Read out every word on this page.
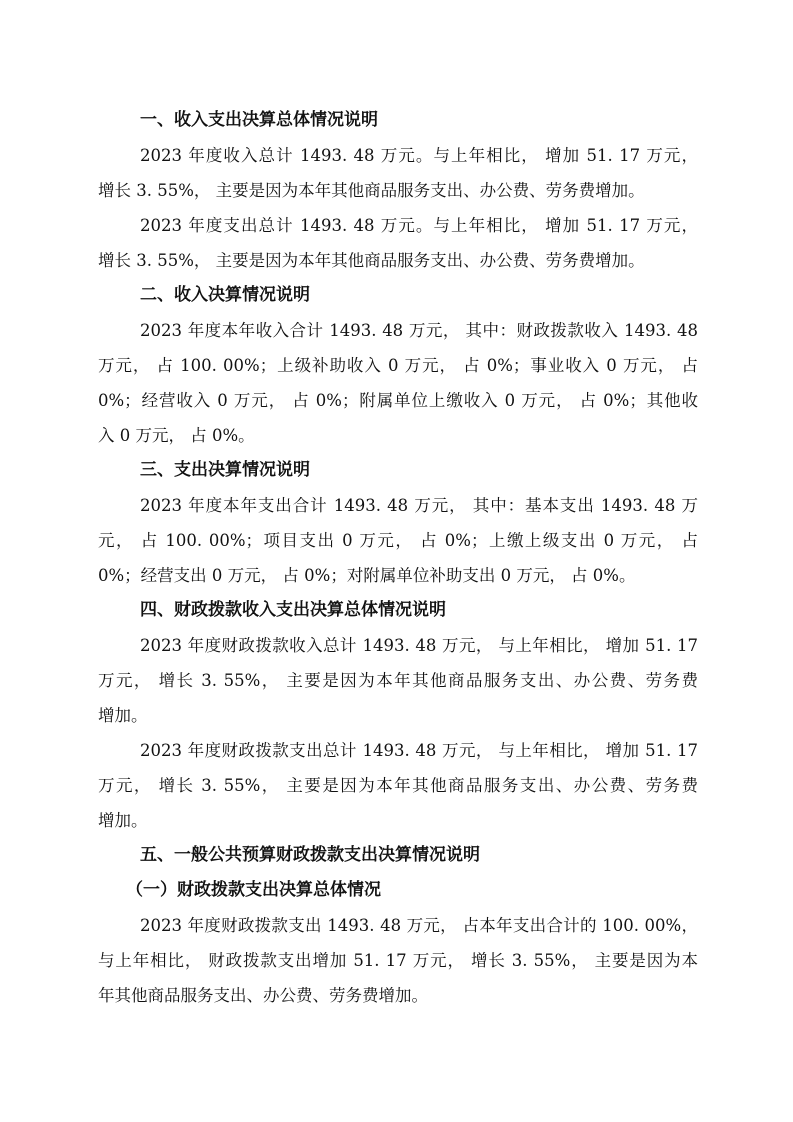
一、收入支出决算总体情况说明
2023 年度收入总计 1493. 48 万元。与上年相比， 增加 51. 17 万元，
增长 3. 55%， 主要是因为本年其他商品服务支出、办公费、劳务费增加。
2023 年度支出总计 1493. 48 万元。与上年相比， 增加 51. 17 万元，
增长 3. 55%， 主要是因为本年其他商品服务支出、办公费、劳务费增加。
二、收入决算情况说明
2023 年度本年收入合计 1493. 48 万元， 其中：财政拨款收入 1493. 48
万元， 占 100. 00%；上级补助收入 0 万元， 占 0%；事业收入 0 万元， 占
0%；经营收入 0 万元， 占 0%；附属单位上缴收入 0 万元， 占 0%；其他收
入 0 万元， 占 0%。
三、支出决算情况说明
2023 年度本年支出合计 1493. 48 万元， 其中：基本支出 1493. 48 万
元， 占 100. 00%；项目支出 0 万元， 占 0%；上缴上级支出 0 万元， 占
0%；经营支出 0 万元， 占 0%；对附属单位补助支出 0 万元， 占 0%。
四、财政拨款收入支出决算总体情况说明
2023 年度财政拨款收入总计 1493. 48 万元， 与上年相比， 增加 51. 17
万元， 增长 3. 55%， 主要是因为本年其他商品服务支出、办公费、劳务费
增加。
2023 年度财政拨款支出总计 1493. 48 万元， 与上年相比， 增加 51. 17
万元， 增长 3. 55%， 主要是因为本年其他商品服务支出、办公费、劳务费
增加。
五、一般公共预算财政拨款支出决算情况说明
（一）财政拨款支出决算总体情况
2023 年度财政拨款支出 1493. 48 万元， 占本年支出合计的 100. 00%，
与上年相比， 财政拨款支出增加 51. 17 万元， 增长 3. 55%， 主要是因为本
年其他商品服务支出、办公费、劳务费增加。
